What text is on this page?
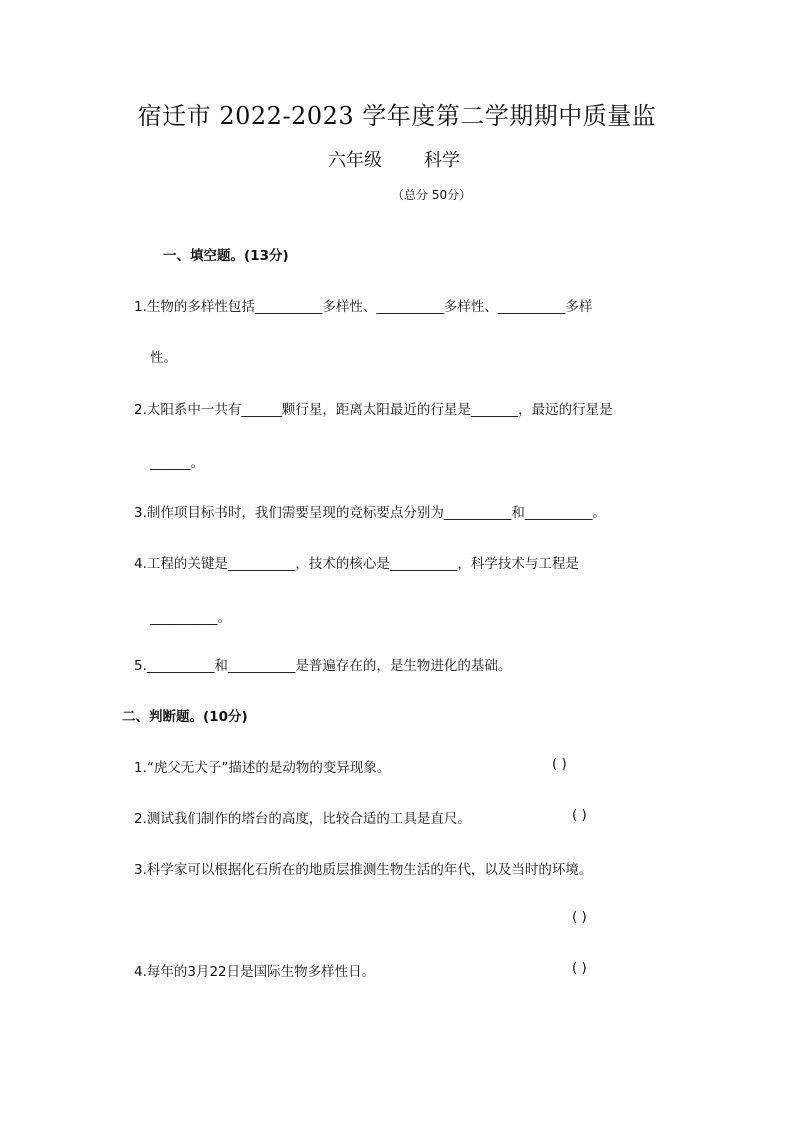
宿迁市 2022-2023 学年度第二学期期中质量监
六年级 科学
（总分 50分）
一、填空题。(13分)
1.生物的多样性包括__________多样性、__________多样性、__________多样
性。
2.太阳系中一共有______颗行星，距离太阳最近的行星是_______，最远的行星是
______。
3.制作项目标书时，我们需要呈现的竞标要点分别为__________和__________。
4.工程的关键是__________，技术的核心是__________，科学技术与工程是
__________。
5.__________和__________是普遍存在的，是生物进化的基础。
二、判断题。(10分)
1.“虎父无犬子”描述的是动物的变异现象。	( )
2.测试我们制作的塔台的高度，比较合适的工具是直尺。	( )
3.科学家可以根据化石所在的地质层推测生物生活的年代，以及当时的环境。
( )
4.每年的3月22日是国际生物多样性日。	( )
